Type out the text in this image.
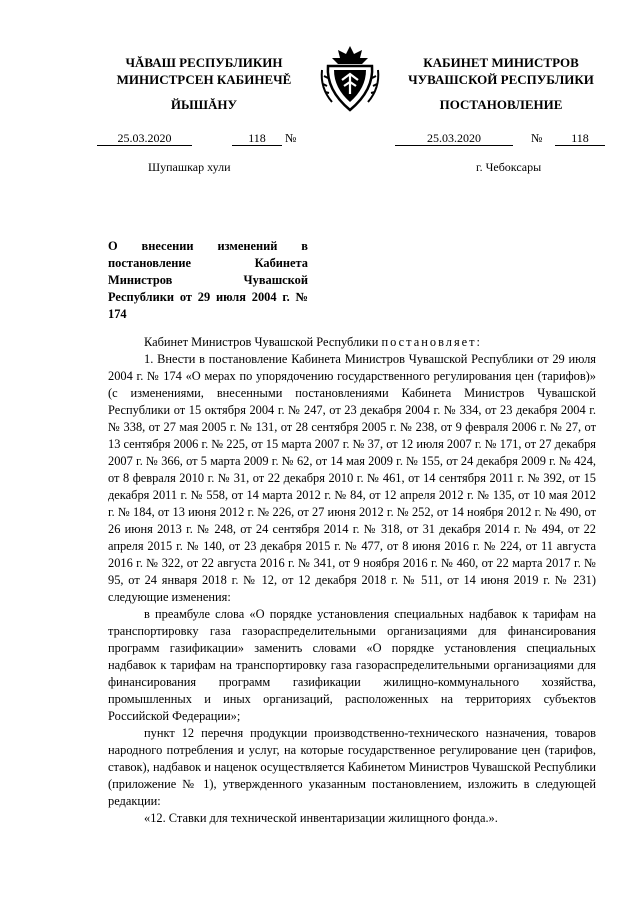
ЧĂВАШ РЕСПУБЛИКИН
МИНИСТРСЕН КАБИНЕЧĚ
ЙЫШĂНУ
КАБИНЕТ МИНИСТРОВ
ЧУВАШСКОЙ РЕСПУБЛИКИ
ПОСТАНОВЛЕНИЕ
25.03.2020	118	№	25.03.2020	№	118
Шупашкар хули	г. Чебоксары
О внесении изменений в постановление Кабинета Министров Чувашской Республики от 29 июля 2004 г. № 174

Кабинет Министров Чувашской Республики постановляет:

1. Внести в постановление Кабинета Министров Чувашской Республики от 29 июля 2004 г. № 174 «О мерах по упорядочению государственного регулирования цен (тарифов)» (с изменениями, внесенными постановлениями Кабинета Министров Чувашской Республики от 15 октября 2004 г. № 247, от 23 декабря 2004 г. № 334, от 23 декабря 2004 г. № 338, от 27 мая 2005 г. № 131, от 28 сентября 2005 г. № 238, от 9 февраля 2006 г. № 27, от 13 сентября 2006 г. № 225, от 15 марта 2007 г. № 37, от 12 июля 2007 г. № 171, от 27 декабря 2007 г. № 366, от 5 марта 2009 г. № 62, от 14 мая 2009 г. № 155, от 24 декабря 2009 г. № 424, от 8 февраля 2010 г. № 31, от 22 декабря 2010 г. № 461, от 14 сентября 2011 г. № 392, от 15 декабря 2011 г. № 558, от 14 марта 2012 г. № 84, от 12 апреля 2012 г. № 135, от 10 мая 2012 г. № 184, от 13 июня 2012 г. № 226, от 27 июня 2012 г. № 252, от 14 ноября 2012 г. № 490, от 26 июня 2013 г. № 248, от 24 сентября 2014 г. № 318, от 31 декабря 2014 г. № 494, от 22 апреля 2015 г. № 140, от 23 декабря 2015 г. № 477, от 8 июня 2016 г. № 224, от 11 августа 2016 г. № 322, от 22 августа 2016 г. № 341, от 9 ноября 2016 г. № 460, от 22 марта 2017 г. № 95, от 24 января 2018 г. № 12, от 12 декабря 2018 г. № 511, от 14 июня 2019 г. № 231) следующие изменения:

в преамбуле слова «О порядке установления специальных надбавок к тарифам на транспортировку газа газораспределительными организациями для финансирования программ газификации» заменить словами «О порядке установления специальных надбавок к тарифам на транспортировку газа газораспределительными организациями для финансирования программ газификации жилищно-коммунального хозяйства, промышленных и иных организаций, расположенных на территориях субъектов Российской Федерации»;

пункт 12 перечня продукции производственно-технического назначения, товаров народного потребления и услуг, на которые государственное регулирование цен (тарифов, ставок), надбавок и наценок осуществляется Кабинетом Министров Чувашской Республики (приложение № 1), утвержденного указанным постановлением, изложить в следующей редакции:

«12. Ставки для технической инвентаризации жилищного фонда.».
